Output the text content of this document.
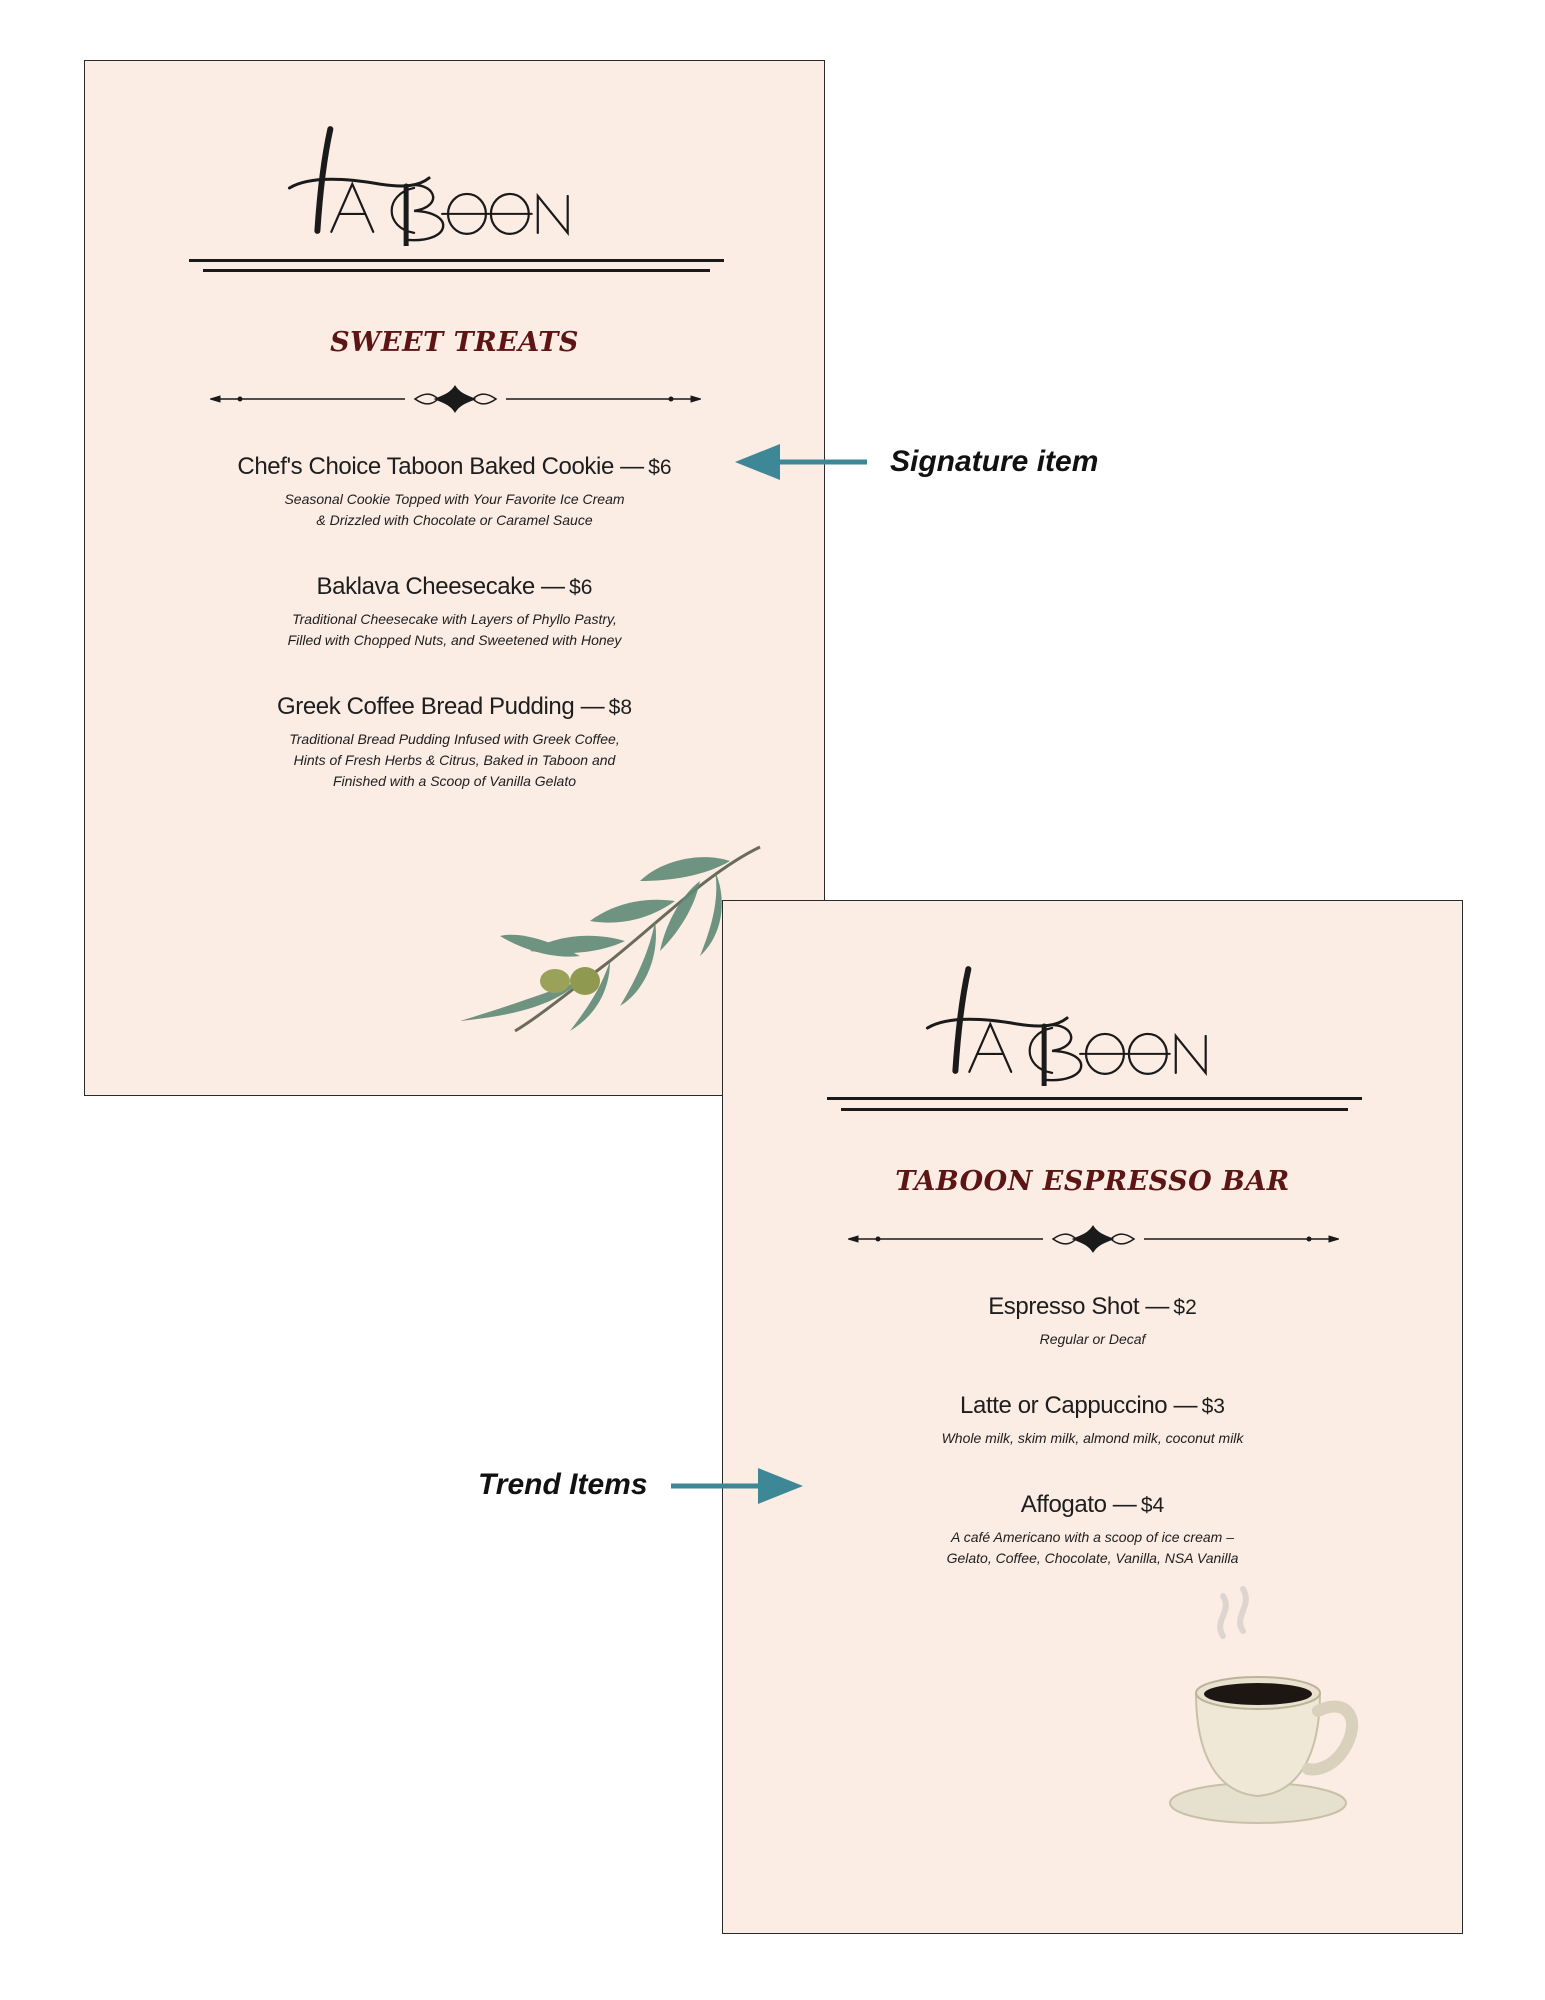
SWEET TREATS
Chef's Choice Taboon Baked Cookie — $6
Seasonal Cookie Topped with Your Favorite Ice Cream
& Drizzled with Chocolate or Caramel Sauce
Baklava Cheesecake — $6
Traditional Cheesecake with Layers of Phyllo Pastry,
Filled with Chopped Nuts, and Sweetened with Honey
Greek Coffee Bread Pudding — $8
Traditional Bread Pudding Infused with Greek Coffee,
Hints of Fresh Herbs & Citrus, Baked in Taboon and
Finished with a Scoop of Vanilla Gelato
TABOON ESPRESSO BAR
Espresso Shot — $2
Regular or Decaf
Latte or Cappuccino — $3
Whole milk, skim milk, almond milk, coconut milk
Affogato — $4
A café Americano with a scoop of ice cream –
Gelato, Coffee, Chocolate, Vanilla, NSA Vanilla
Signature item
Trend Items
